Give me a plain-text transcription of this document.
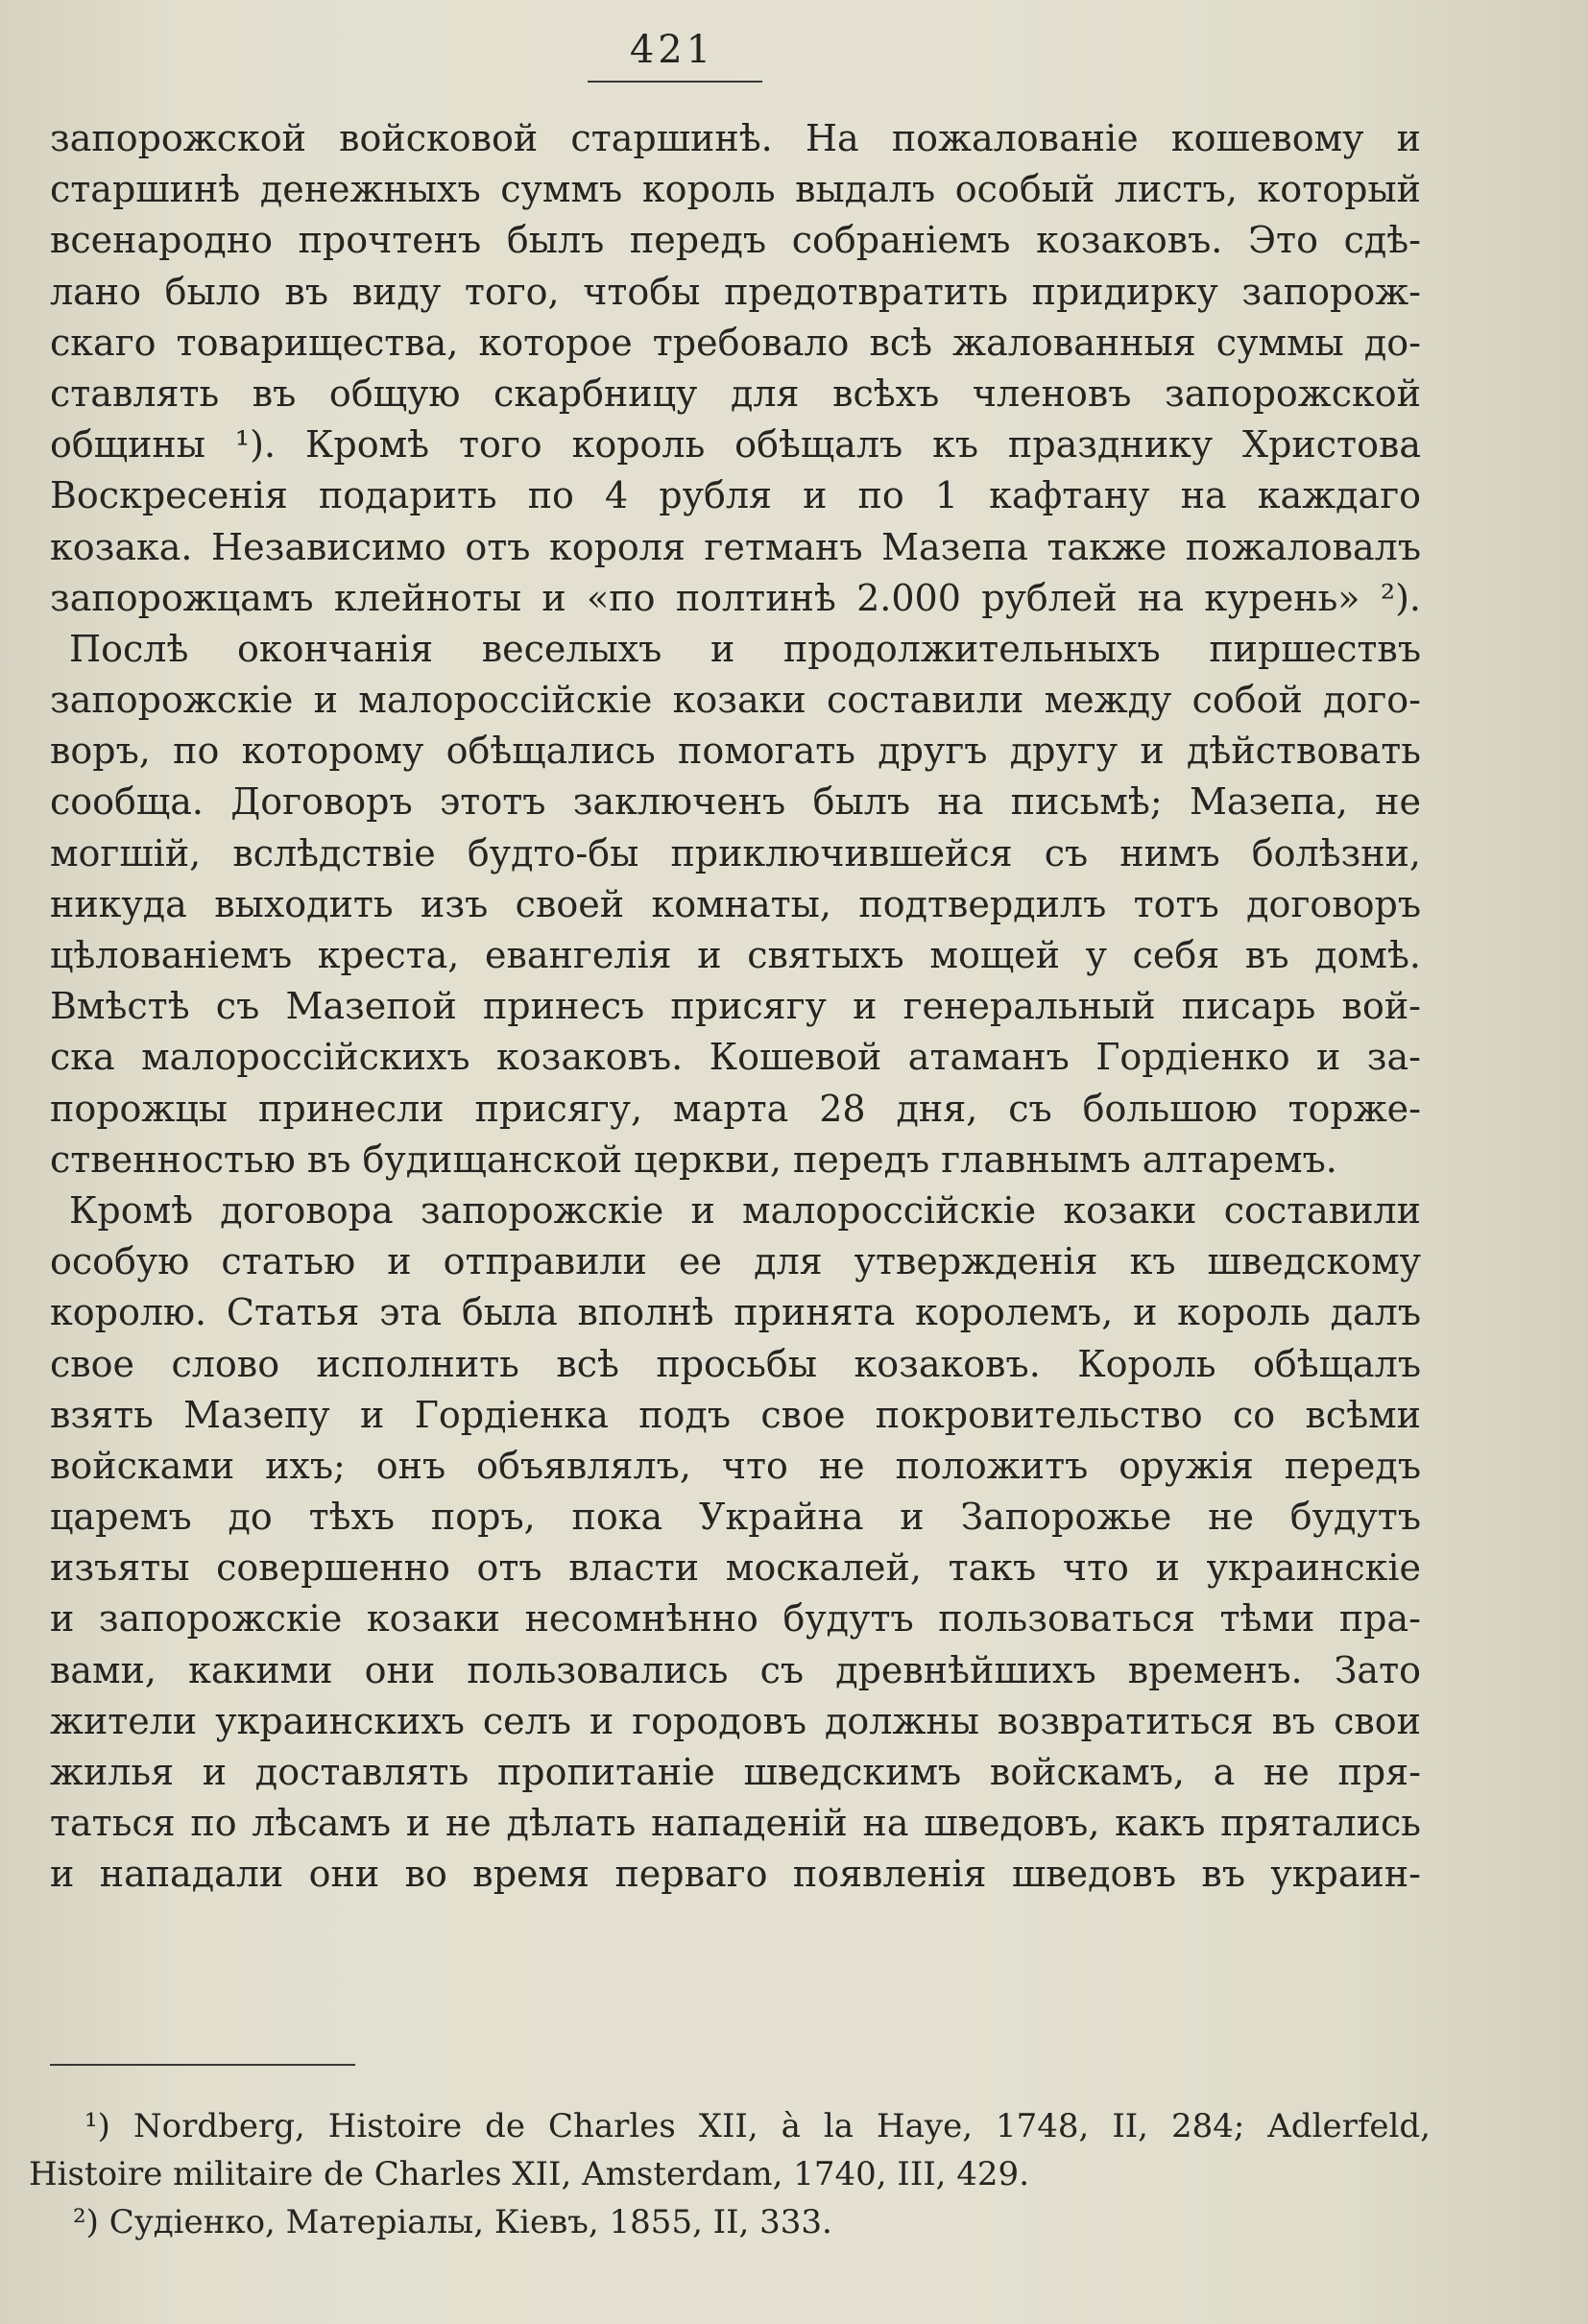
421
запорожской войсковой старшинѣ. На пожалованіе кошевому и
старшинѣ денежныхъ суммъ король выдалъ особый листъ, который
всенародно прочтенъ былъ передъ собраніемъ козаковъ. Это сдѣ-
лано было въ виду того, чтобы предотвратить придирку запорож-
скаго товарищества, которое требовало всѣ жалованныя суммы до-
ставлять въ общую скарбницу для всѣхъ членовъ запорожской
общины ¹). Кромѣ того король обѣщалъ къ празднику Христова
Воскресенія подарить по 4 рубля и по 1 кафтану на каждаго
козака. Независимо отъ короля гетманъ Мазепа также пожаловалъ
запорожцамъ клейноты и «по полтинѣ 2.000 рублей на курень» ²).
Послѣ окончанія веселыхъ и продолжительныхъ пиршествъ
запорожскіе и малороссійскіе козаки составили между собой дого-
воръ, по которому обѣщались помогать другъ другу и дѣйствовать
сообща. Договоръ этотъ заключенъ былъ на письмѣ; Мазепа, не
могшій, вслѣдствіе будто-бы приключившейся съ нимъ болѣзни,
никуда выходить изъ своей комнаты, подтвердилъ тотъ договоръ
цѣлованіемъ креста, евангелія и святыхъ мощей у себя въ домѣ.
Вмѣстѣ съ Мазепой принесъ присягу и генеральный писарь вой-
ска малороссійскихъ козаковъ. Кошевой атаманъ Гордіенко и за-
порожцы принесли присягу, марта 28 дня, съ большою торже-
ственностью въ будищанской церкви, передъ главнымъ алтаремъ.
Кромѣ договора запорожскіе и малороссійскіе козаки составили
особую статью и отправили ее для утвержденія къ шведскому
королю. Статья эта была вполнѣ принята королемъ, и король далъ
свое слово исполнить всѣ просьбы козаковъ. Король обѣщалъ
взять Мазепу и Гордіенка подъ свое покровительство со всѣми
войсками ихъ; онъ объявлялъ, что не положитъ оружія передъ
царемъ до тѣхъ поръ, пока Украйна и Запорожье не будутъ
изъяты совершенно отъ власти москалей, такъ что и украинскіе
и запорожскіе козаки несомнѣнно будутъ пользоваться тѣми пра-
вами, какими они пользовались съ древнѣйшихъ временъ. Зато
жители украинскихъ селъ и городовъ должны возвратиться въ свои
жилья и доставлять пропитаніе шведскимъ войскамъ, а не пря-
таться по лѣсамъ и не дѣлать нападеній на шведовъ, какъ прятались
и нападали они во время перваго появленія шведовъ въ украин-
¹) Nordberg, Histoire de Charles XII, à la Haye, 1748, II, 284; Adlerfeld,
Histoire militaire de Charles XII, Amsterdam, 1740, III, 429.
²) Судіенко, Матеріалы, Кіевъ, 1855, II, 333.
